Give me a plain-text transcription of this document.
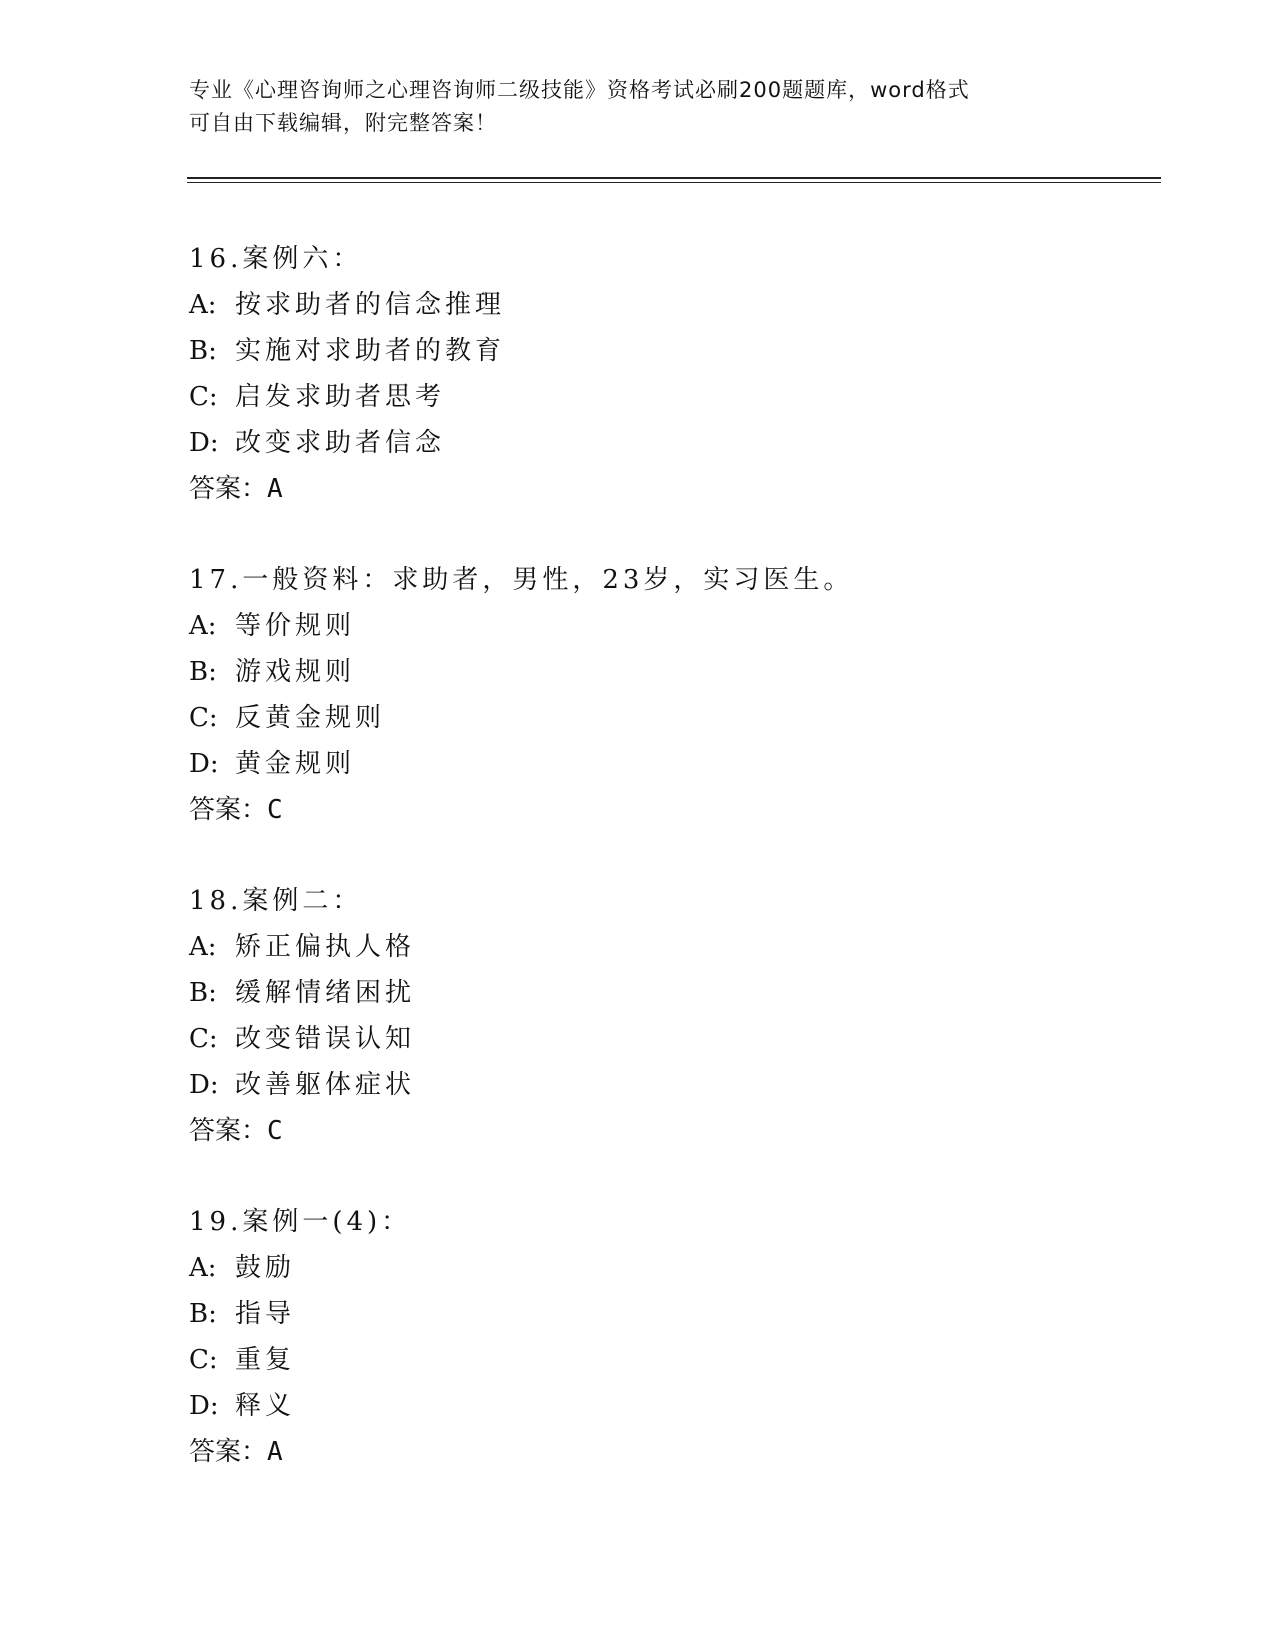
专业《心理咨询师之心理咨询师二级技能》资格考试必刷200题题库，word格式
可自由下载编辑，附完整答案！
16.案例六：
A: 按求助者的信念推理
B: 实施对求助者的教育
C: 启发求助者思考
D: 改变求助者信念
答案：A
17.一般资料：求助者，男性，23岁，实习医生。
A: 等价规则
B: 游戏规则
C: 反黄金规则
D: 黄金规则
答案：C
18.案例二：
A: 矫正偏执人格
B: 缓解情绪困扰
C: 改变错误认知
D: 改善躯体症状
答案：C
19.案例一(4)：
A: 鼓励
B: 指导
C: 重复
D: 释义
答案：A
